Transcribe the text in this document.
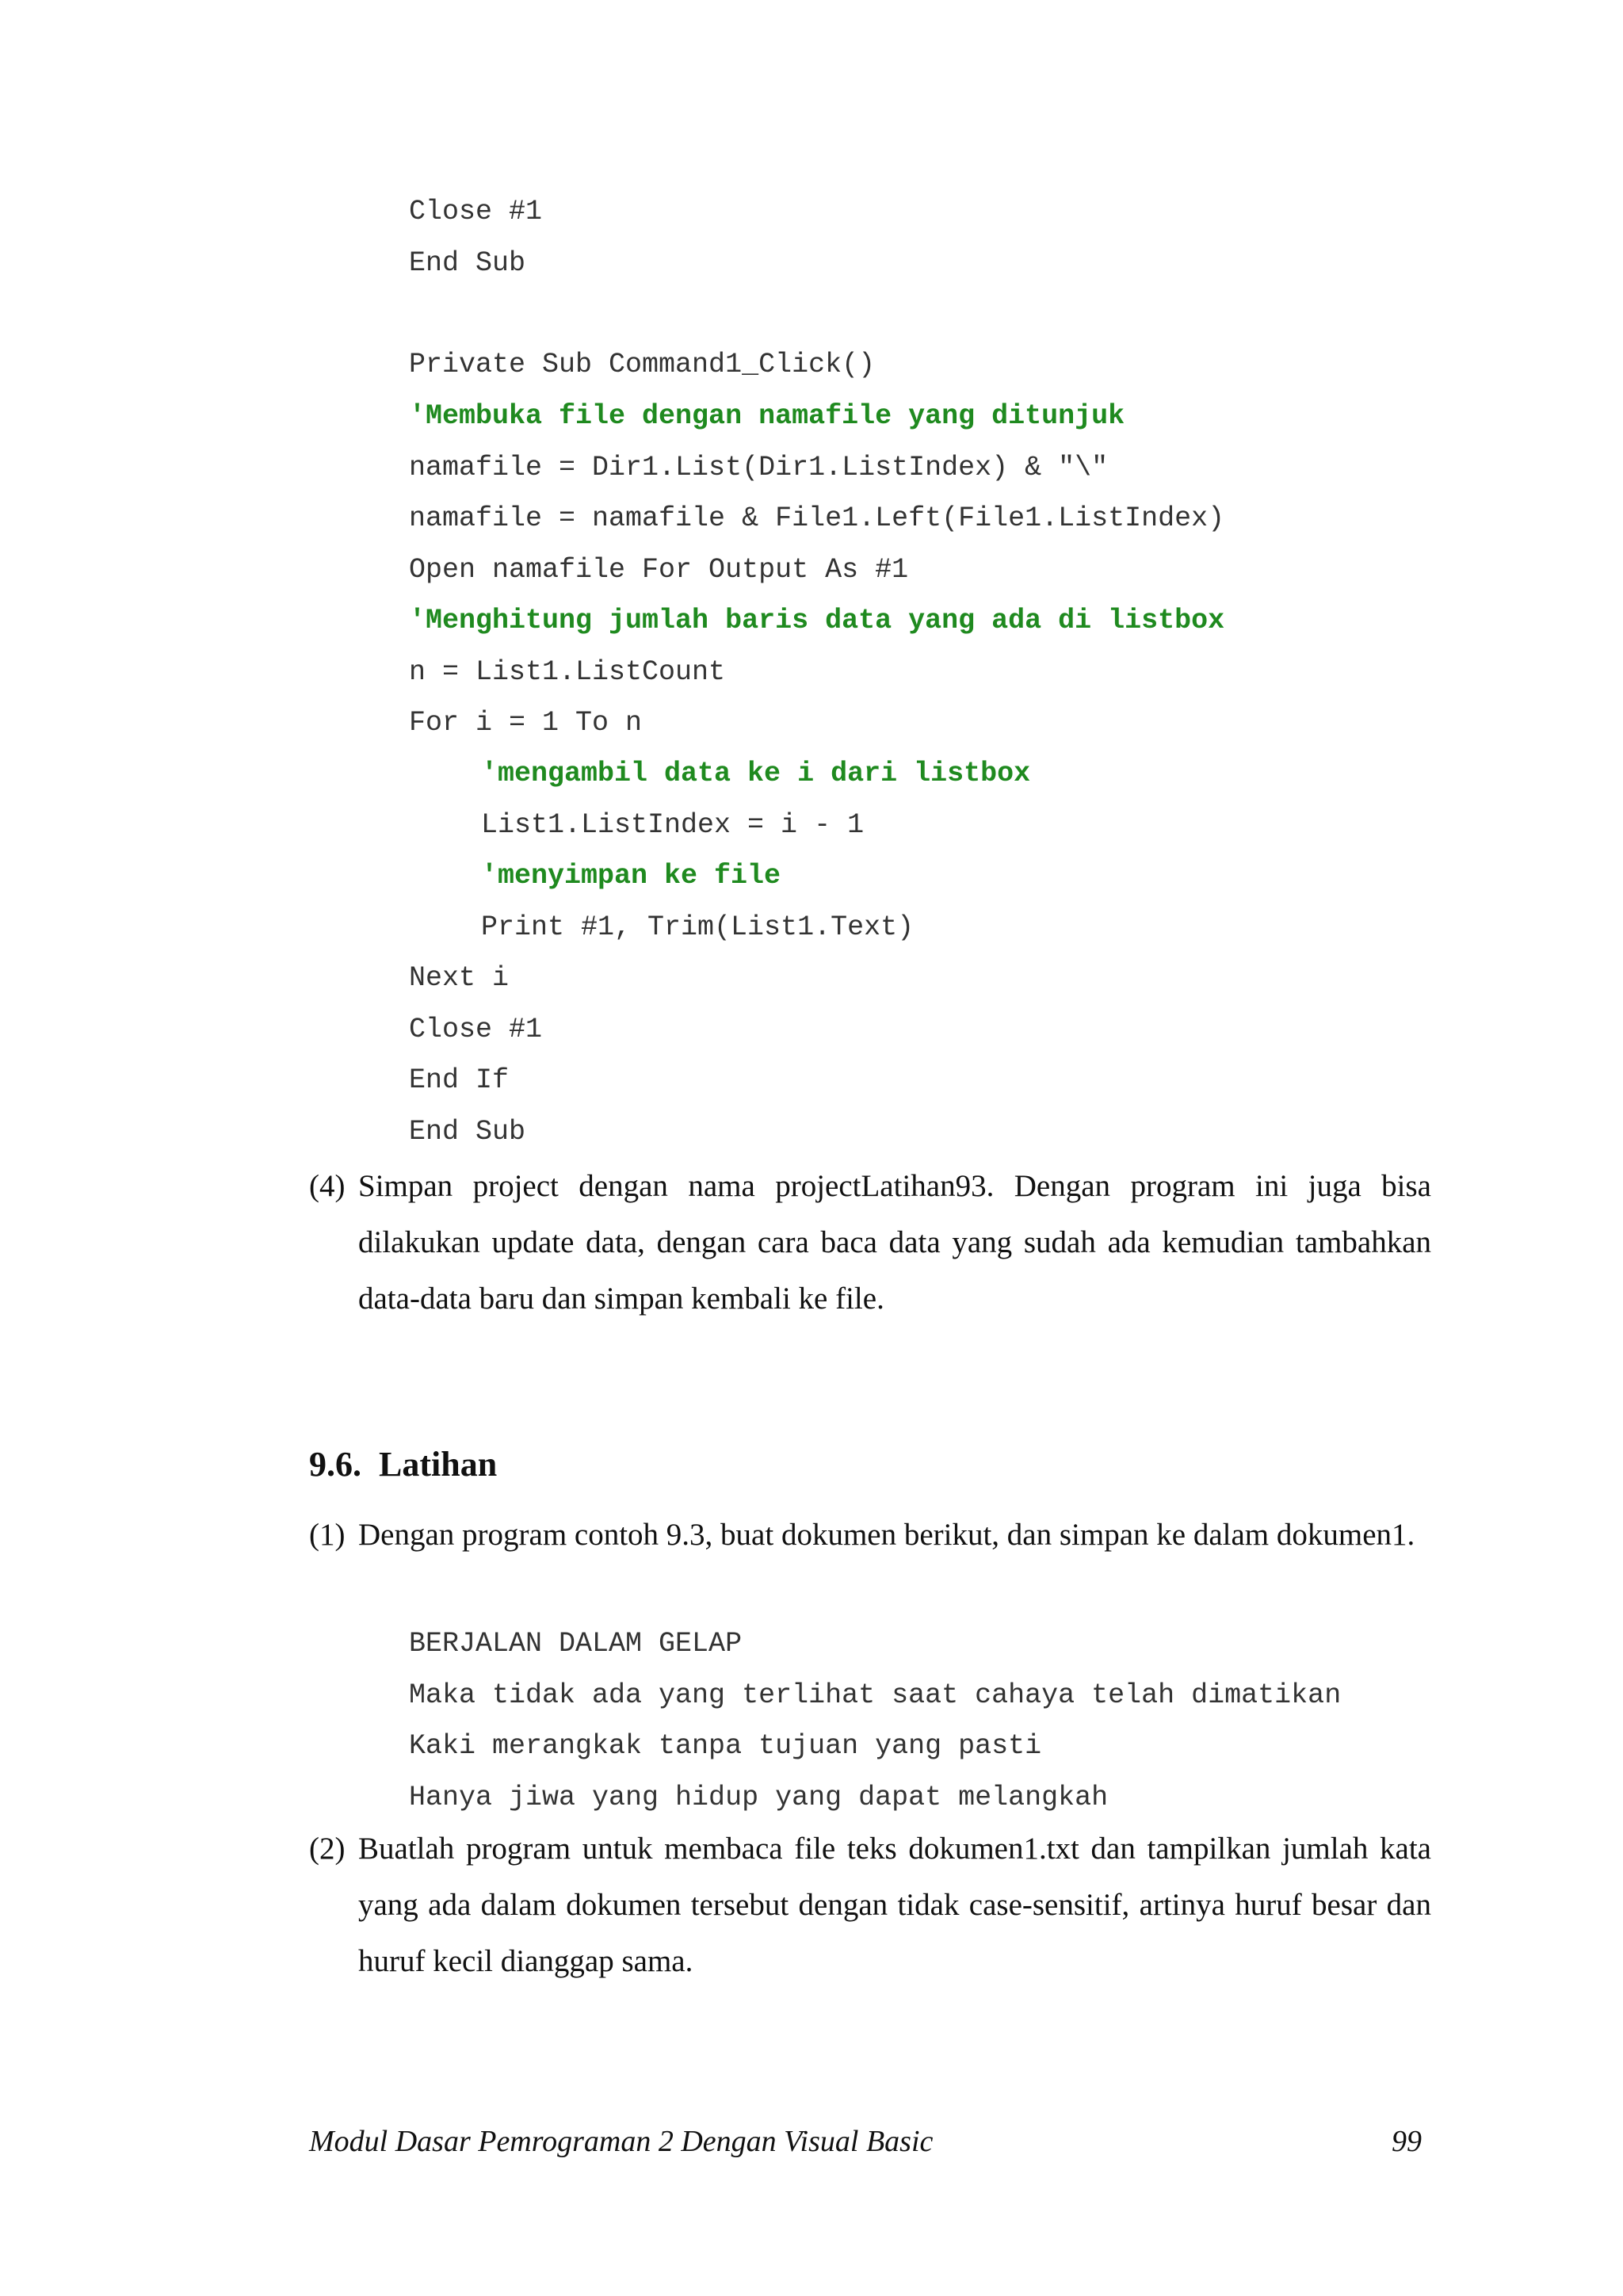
Close #1
End Sub
Private Sub Command1_Click()
'Membuka file dengan namafile yang ditunjuk
namafile = Dir1.List(Dir1.ListIndex) & "\"
namafile = namafile & File1.Left(File1.ListIndex)
Open namafile For Output As #1
'Menghitung jumlah baris data yang ada di listbox
n = List1.ListCount
For i = 1 To n
'mengambil data ke i dari listbox
List1.ListIndex = i - 1
'menyimpan ke file
Print #1, Trim(List1.Text)
Next i
Close #1
End If
End Sub
(4) Simpan project dengan nama projectLatihan93. Dengan program ini juga bisa dilakukan update data, dengan cara baca data yang sudah ada kemudian tambahkan data-data baru dan simpan kembali ke file.
9.6.  Latihan
(1) Dengan program contoh 9.3, buat dokumen berikut, dan simpan ke dalam dokumen1.
BERJALAN DALAM GELAP
Maka tidak ada yang terlihat saat cahaya telah dimatikan
Kaki merangkak tanpa tujuan yang pasti
Hanya jiwa yang hidup yang dapat melangkah
(2) Buatlah program untuk membaca file teks dokumen1.txt dan tampilkan jumlah kata yang ada dalam dokumen tersebut dengan tidak case-sensitif, artinya huruf besar dan huruf kecil dianggap sama.
Modul Dasar Pemrograman 2 Dengan Visual Basic	99
